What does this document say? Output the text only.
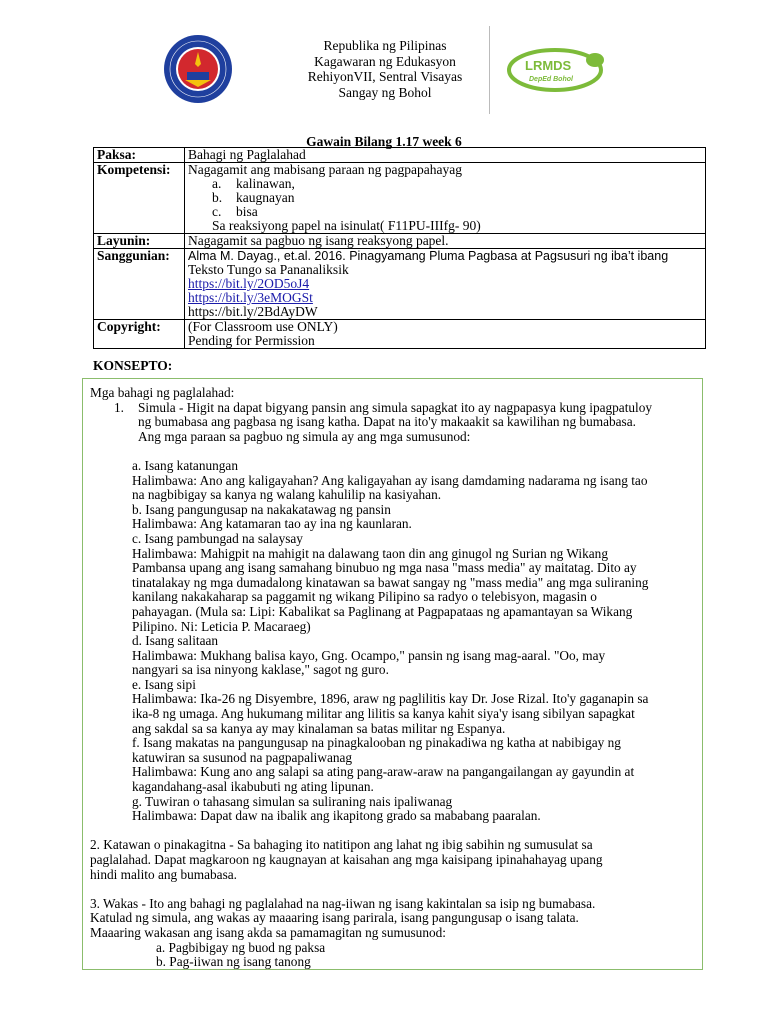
Republika ng Pilipinas
Kagawaran ng Edukasyon
RehiyonVII, Sentral Visayas
Sangay ng Bohol
LRMDS
DepEd Bohol
Gawain Bilang 1.17 week 6
Paksa:	Bahagi ng Paglalahad
Kompetensi:	Nagagamit ang mabisang paraan ng pagpapahayag
a. kalinawan,
b. kaugnayan
c. bisa
Sa reaksiyong papel na isinulat( F11PU-IIIfg- 90)

Layunin:	Nagagamit sa pagbuo ng isang reaksyong papel.
Sanggunian:	Alma M. Dayag., et.al. 2016. Pinagyamang Pluma Pagbasa at Pagsusuri ng iba’t ibang
Teksto Tungo sa Pananaliksik
https://bit.ly/2OD5oJ4
https://bit.ly/3eMOGSt
https://bit.ly/2BdAyDW

Copyright:	(For Classroom use ONLY)
Pending for Permission
KONSEPTO:

Mga bahagi ng paglalahad:

1. Simula - Higit na dapat bigyang pansin ang simula sapagkat ito ay nagpapasya kung ipagpatuloy
ng bumabasa ang pagbasa ng isang katha. Dapat na ito'y makaakit sa kawilihan ng bumabasa.
Ang mga paraan sa pagbuo ng simula ay ang mga sumusunod:

a. Isang katanungan

Halimbawa: Ano ang kaligayahan? Ang kaligayahan ay isang damdaming nadarama ng isang tao

na nagbibigay sa kanya ng walang kahulilip na kasiyahan.

b. Isang pangungusap na nakakatawag ng pansin

Halimbawa: Ang katamaran tao ay ina ng kaunlaran.

c. Isang pambungad na salaysay

Halimbawa: Mahigpit na mahigit na dalawang taon din ang ginugol ng Surian ng Wikang

Pambansa upang ang isang samahang binubuo ng mga nasa "mass media" ay maitatag. Dito ay

tinatalakay ng mga dumadalong kinatawan sa bawat sangay ng "mass media" ang mga suliraning

kanilang nakakaharap sa paggamit ng wikang Pilipino sa radyo o telebisyon, magasin o

pahayagan. (Mula sa: Lipi: Kabalikat sa Paglinang at Pagpapataas ng apamantayan sa Wikang

Pilipino. Ni: Leticia P. Macaraeg)

d. Isang salitaan

Halimbawa: Mukhang balisa kayo, Gng. Ocampo," pansin ng isang mag-aaral. "Oo, may

nangyari sa isa ninyong kaklase," sagot ng guro.

e. Isang sipi

Halimbawa: Ika-26 ng Disyembre, 1896, araw ng paglilitis kay Dr. Jose Rizal. Ito'y gaganapin sa

ika-8 ng umaga. Ang hukumang militar ang lilitis sa kanya kahit siya'y isang sibilyan sapagkat

ang sakdal sa sa kanya ay may kinalaman sa batas militar ng Espanya.

f. Isang makatas na pangungusap na pinagkalooban ng pinakadiwa ng katha at nabibigay ng

katuwiran sa susunod na pagpapaliwanag

Halimbawa: Kung ano ang salapi sa ating pang-araw-araw na pangangailangan ay gayundin at

kagandahang-asal ikabubuti ng ating lipunan.

g. Tuwiran o tahasang simulan sa suliraning nais ipaliwanag

Halimbawa: Dapat daw na ibalik ang ikapitong grado sa mababang paaralan.

2. Katawan o pinakagitna - Sa bahaging ito natitipon ang lahat ng ibig sabihin ng sumusulat sa

paglalahad. Dapat magkaroon ng kaugnayan at kaisahan ang mga kaisipang ipinahahayag upang

hindi malito ang bumabasa.

3. Wakas - Ito ang bahagi ng paglalahad na nag-iiwan ng isang kakintalan sa isip ng bumabasa.

Katulad ng simula, ang wakas ay maaaring isang parirala, isang pangungusap o isang talata.

Maaaring wakasan ang isang akda sa pamamagitan ng sumusunod:

a. Pagbibigay ng buod ng paksa

b. Pag-iiwan ng isang tanong
